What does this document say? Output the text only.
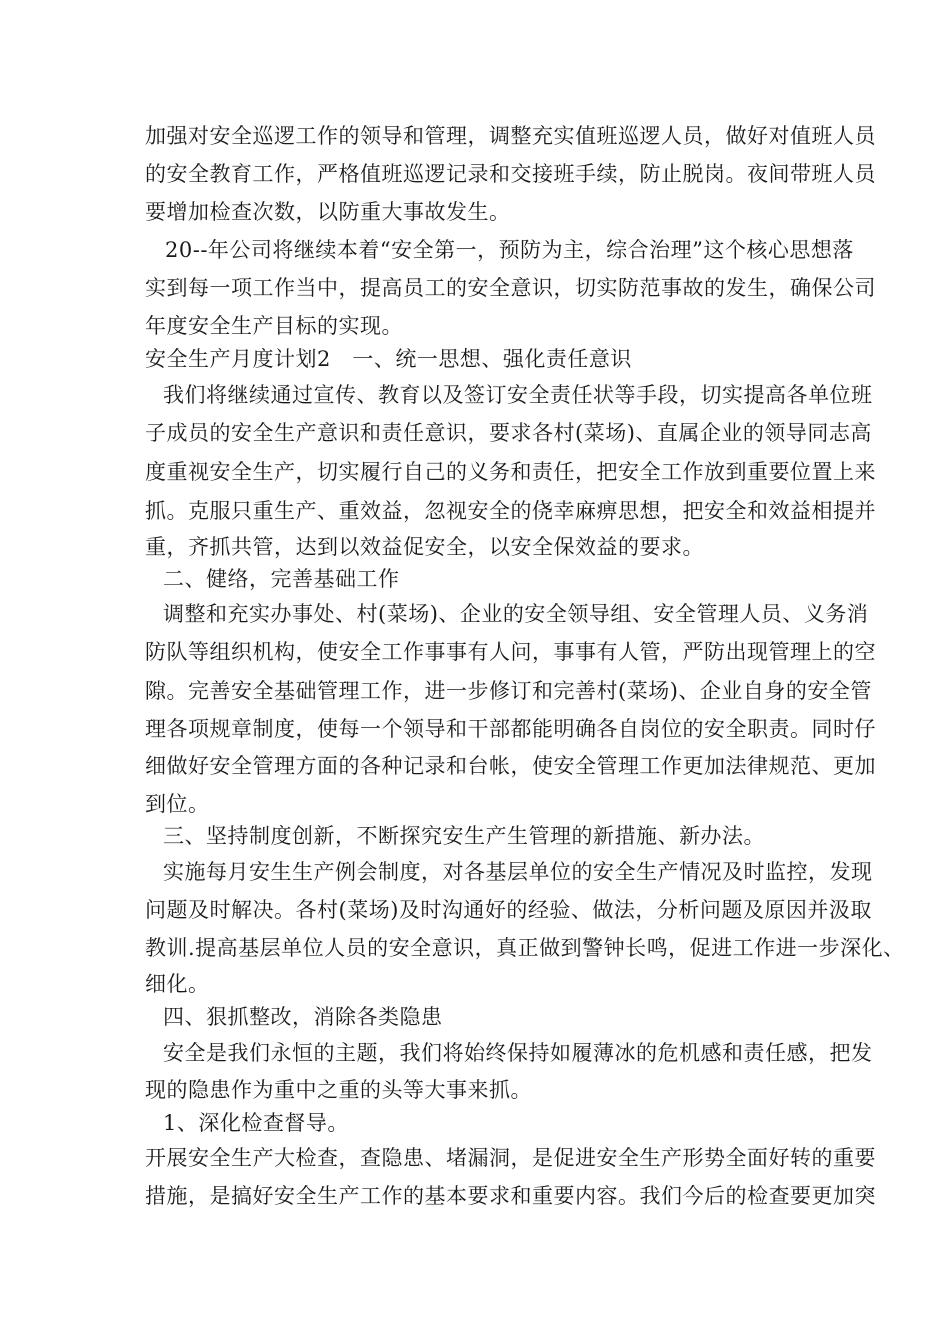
加强对安全巡逻工作的领导和管理，调整充实值班巡逻人员，做好对值班人员

的安全教育工作，严格值班巡逻记录和交接班手续，防止脱岗。夜间带班人员

要增加检查次数，以防重大事故发生。

20--年公司将继续本着“安全第一，预防为主，综合治理”这个核心思想落

实到每一项工作当中，提高员工的安全意识，切实防范事故的发生，确保公司

年度安全生产目标的实现。

安全生产月度计划2　一、统一思想、强化责任意识

我们将继续通过宣传、教育以及签订安全责任状等手段，切实提高各单位班

子成员的安全生产意识和责任意识，要求各村(菜场)、直属企业的领导同志高

度重视安全生产，切实履行自己的义务和责任，把安全工作放到重要位置上来

抓。克服只重生产、重效益，忽视安全的侥幸麻痹思想，把安全和效益相提并

重，齐抓共管，达到以效益促安全，以安全保效益的要求。

二、健络，完善基础工作

调整和充实办事处、村(菜场)、企业的安全领导组、安全管理人员、义务消

防队等组织机构，使安全工作事事有人问，事事有人管，严防出现管理上的空

隙。完善安全基础管理工作，进一步修订和完善村(菜场)、企业自身的安全管

理各项规章制度，使每一个领导和干部都能明确各自岗位的安全职责。同时仔

细做好安全管理方面的各种记录和台帐，使安全管理工作更加法律规范、更加

到位。

三、坚持制度创新，不断探究安生产生管理的新措施、新办法。

实施每月安生生产例会制度，对各基层单位的安全生产情况及时监控，发现

问题及时解决。各村(菜场)及时沟通好的经验、做法，分析问题及原因并汲取

教训.提高基层单位人员的安全意识，真正做到警钟长鸣，促进工作进一步深化、

细化。

四、狠抓整改，消除各类隐患

安全是我们永恒的主题，我们将始终保持如履薄冰的危机感和责任感，把发

现的隐患作为重中之重的头等大事来抓。

1、深化检查督导。

开展安全生产大检查，查隐患、堵漏洞，是促进安全生产形势全面好转的重要

措施，是搞好安全生产工作的基本要求和重要内容。我们今后的检查要更加突
